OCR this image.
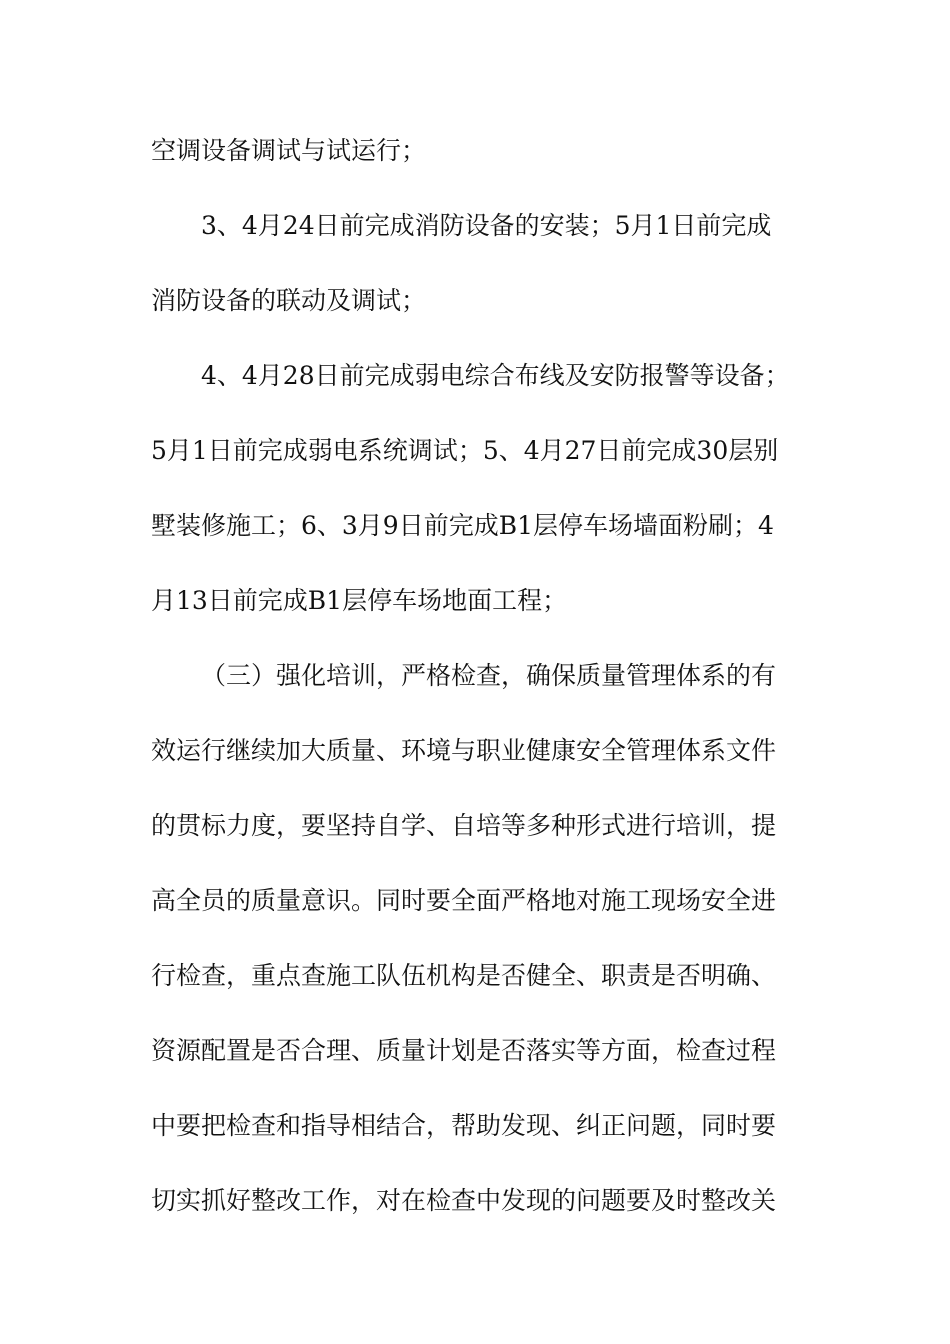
空调设备调试与试运行；
3、4月24日前完成消防设备的安装；5月1日前完成
消防设备的联动及调试；
4、4月28日前完成弱电综合布线及安防报警等设备；
5月1日前完成弱电系统调试；5、4月27日前完成30层别
墅装修施工；6、3月9日前完成B1层停车场墙面粉刷；4
月13日前完成B1层停车场地面工程；
（三）强化培训，严格检查，确保质量管理体系的有
效运行继续加大质量、环境与职业健康安全管理体系文件
的贯标力度，要坚持自学、自培等多种形式进行培训，提
高全员的质量意识。同时要全面严格地对施工现场安全进
行检查，重点查施工队伍机构是否健全、职责是否明确、
资源配置是否合理、质量计划是否落实等方面，检查过程
中要把检查和指导相结合，帮助发现、纠正问题，同时要
切实抓好整改工作，对在检查中发现的问题要及时整改关
